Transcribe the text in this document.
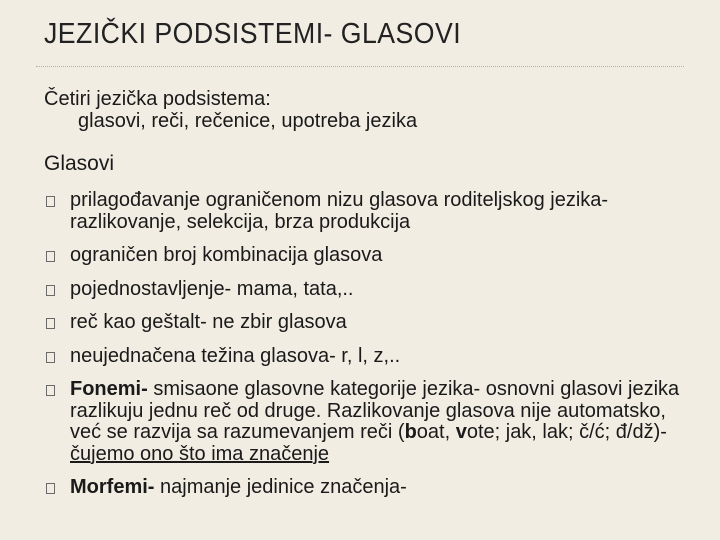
JEZIČKI PODSISTEMI- GLASOVI
Četiri jezička podsistema:
glasovi, reči, rečenice, upotreba jezika
Glasovi
prilagođavanje ograničenom nizu glasova roditeljskog jezika- razlikovanje, selekcija, brza produkcija
ograničen broj kombinacija glasova
pojednostavljenje- mama, tata,..
reč kao geštalt- ne zbir glasova
neujednačena težina glasova- r, l, z,..
Fonemi- smisaone glasovne kategorije jezika- osnovni glasovi jezika razlikuju jednu reč od druge. Razlikovanje glasova nije automatsko, već se razvija sa razumevanjem reči (boat, vote; jak, lak; č/ć; đ/dž)- čujemo ono što ima značenje
Morfemi- najmanje jedinice značenja-
